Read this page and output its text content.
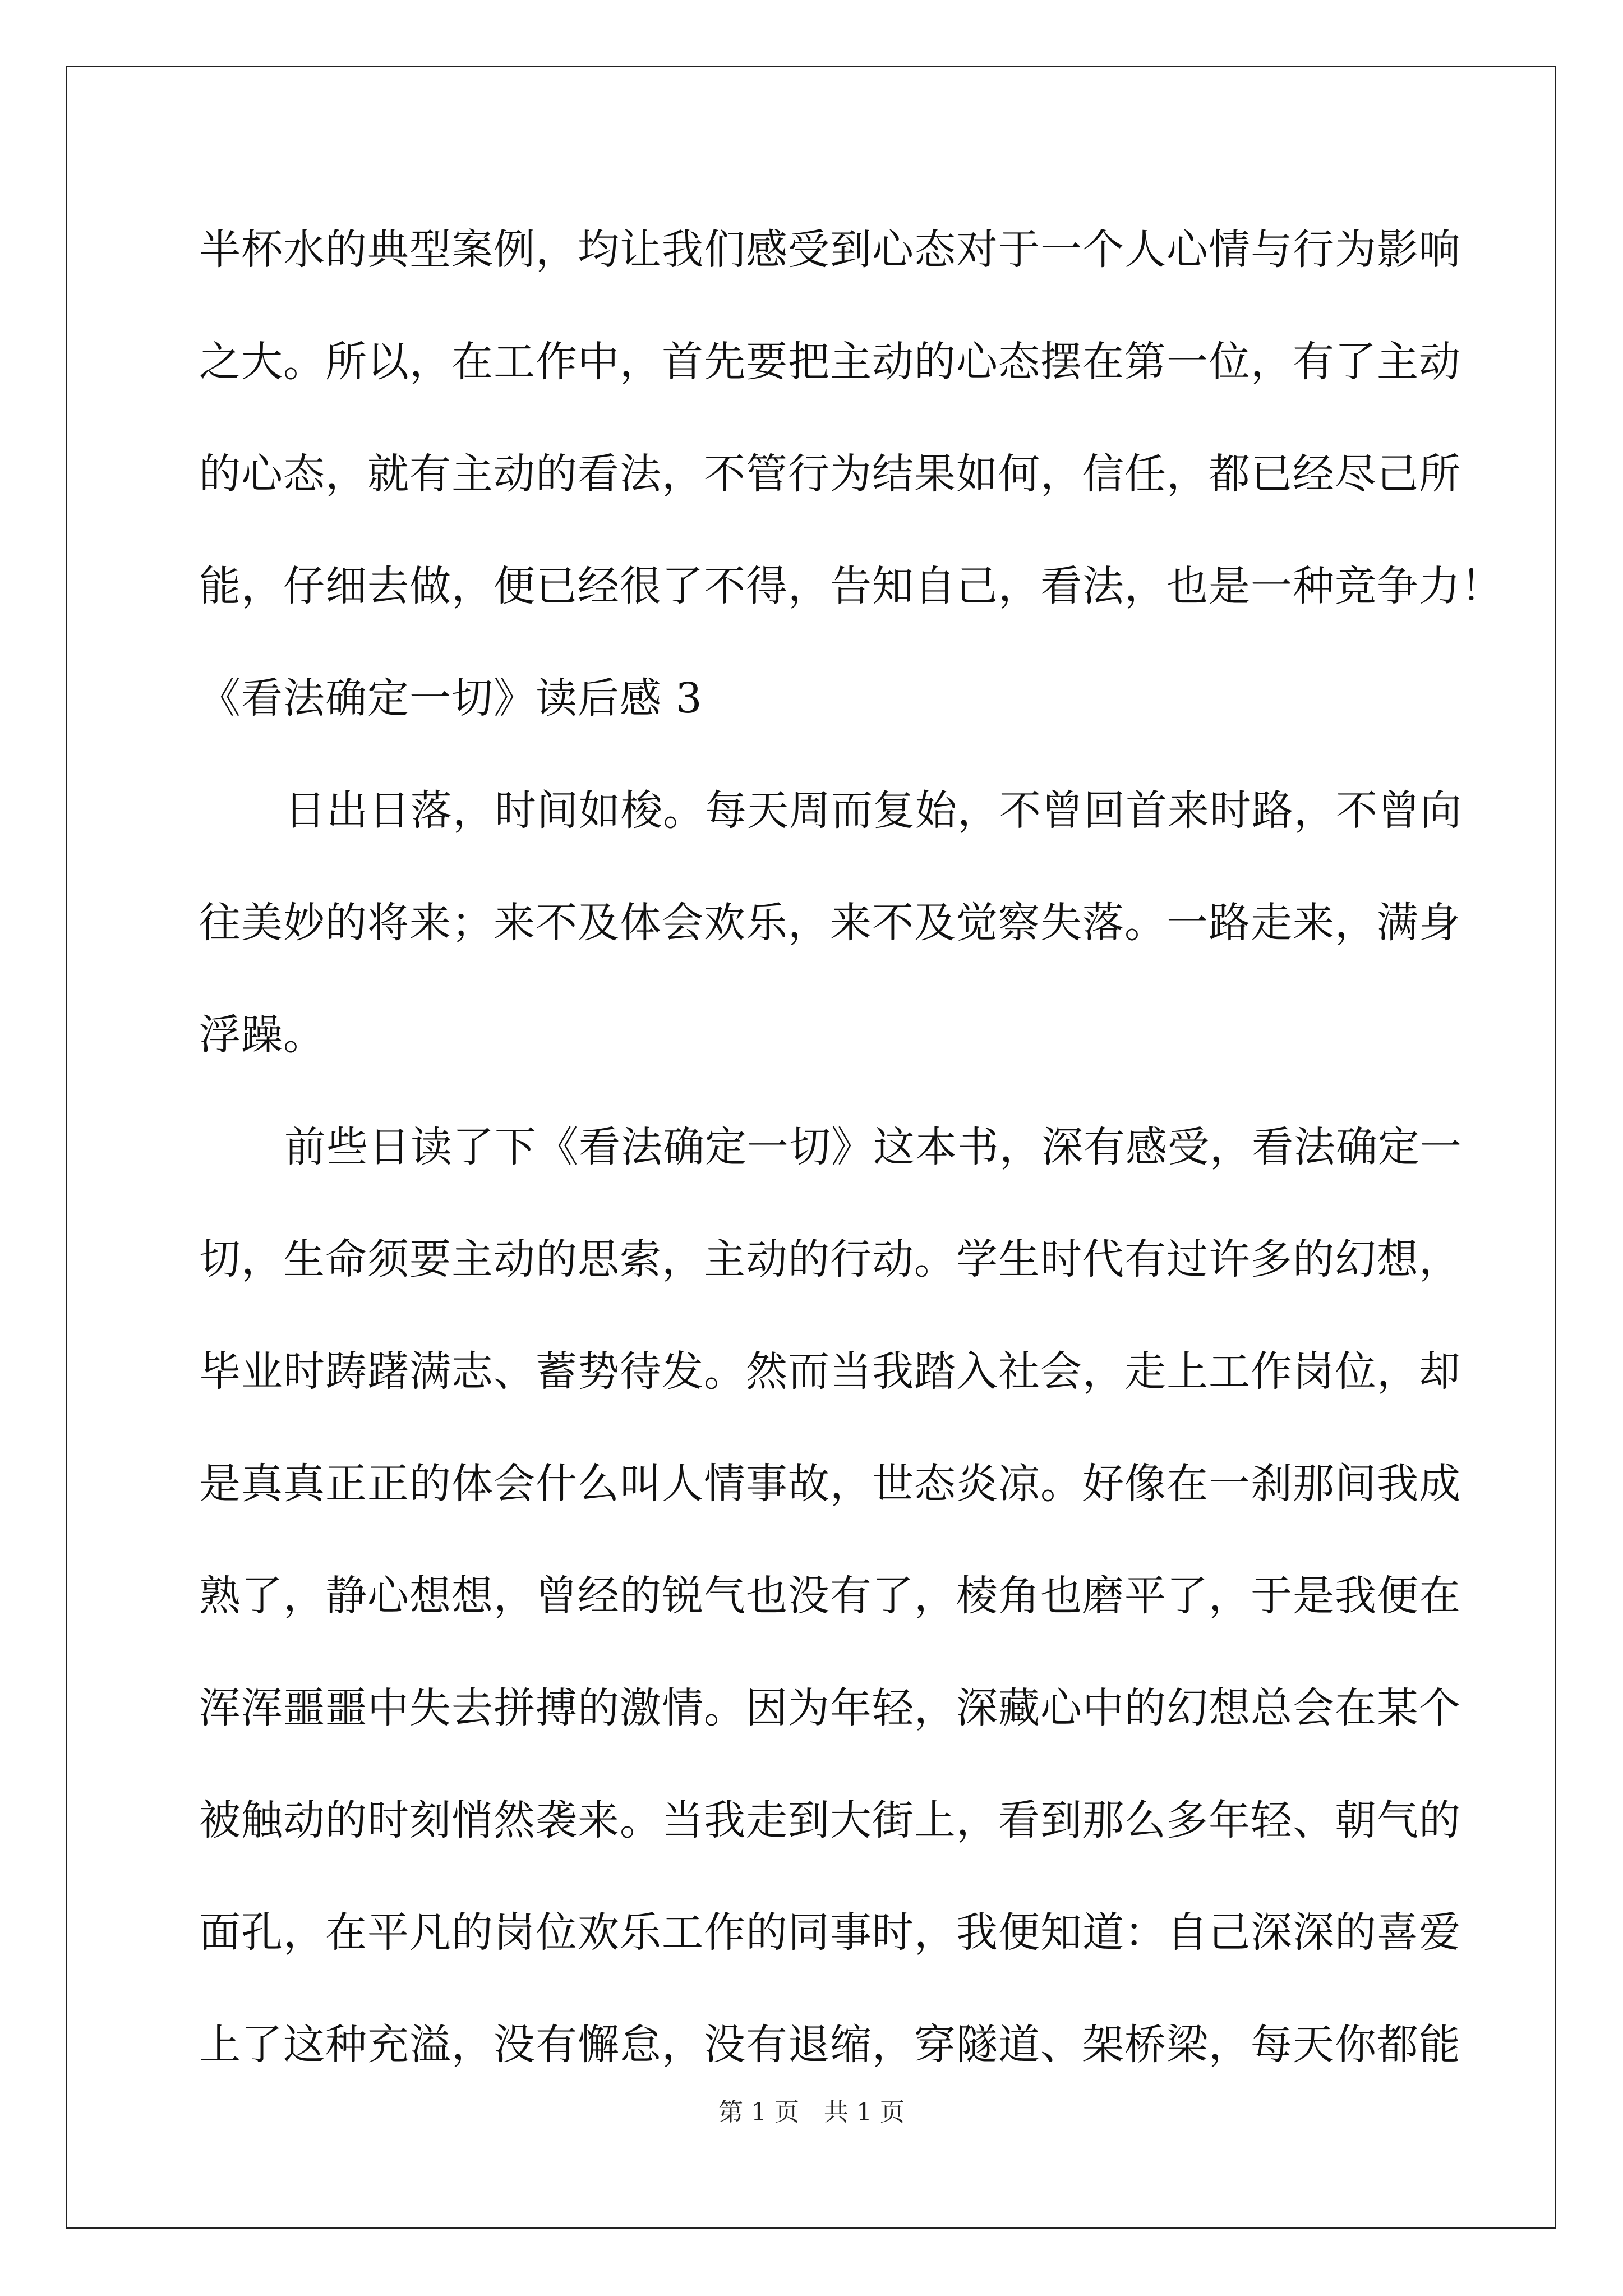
半杯水的典型案例，均让我们感受到心态对于一个人心情与行为影响
之大。所以，在工作中，首先要把主动的心态摆在第一位，有了主动
的心态，就有主动的看法，不管行为结果如何，信任，都已经尽己所
能，仔细去做，便已经很了不得，告知自己，看法，也是一种竞争力！
《看法确定一切》读后感 3
日出日落，时间如梭。每天周而复始，不曾回首来时路，不曾向
往美妙的将来；来不及体会欢乐，来不及觉察失落。一路走来，满身
浮躁。
前些日读了下《看法确定一切》这本书，深有感受，看法确定一
切，生命须要主动的思索，主动的行动。学生时代有过许多的幻想，
毕业时踌躇满志、蓄势待发。然而当我踏入社会，走上工作岗位，却
是真真正正的体会什么叫人情事故，世态炎凉。好像在一刹那间我成
熟了，静心想想，曾经的锐气也没有了，棱角也磨平了，于是我便在
浑浑噩噩中失去拼搏的激情。因为年轻，深藏心中的幻想总会在某个
被触动的时刻悄然袭来。当我走到大街上，看到那么多年轻、朝气的
面孔，在平凡的岗位欢乐工作的同事时，我便知道：自己深深的喜爱
上了这种充溢，没有懈怠，没有退缩，穿隧道、架桥梁，每天你都能
第 1 页 共 1 页
